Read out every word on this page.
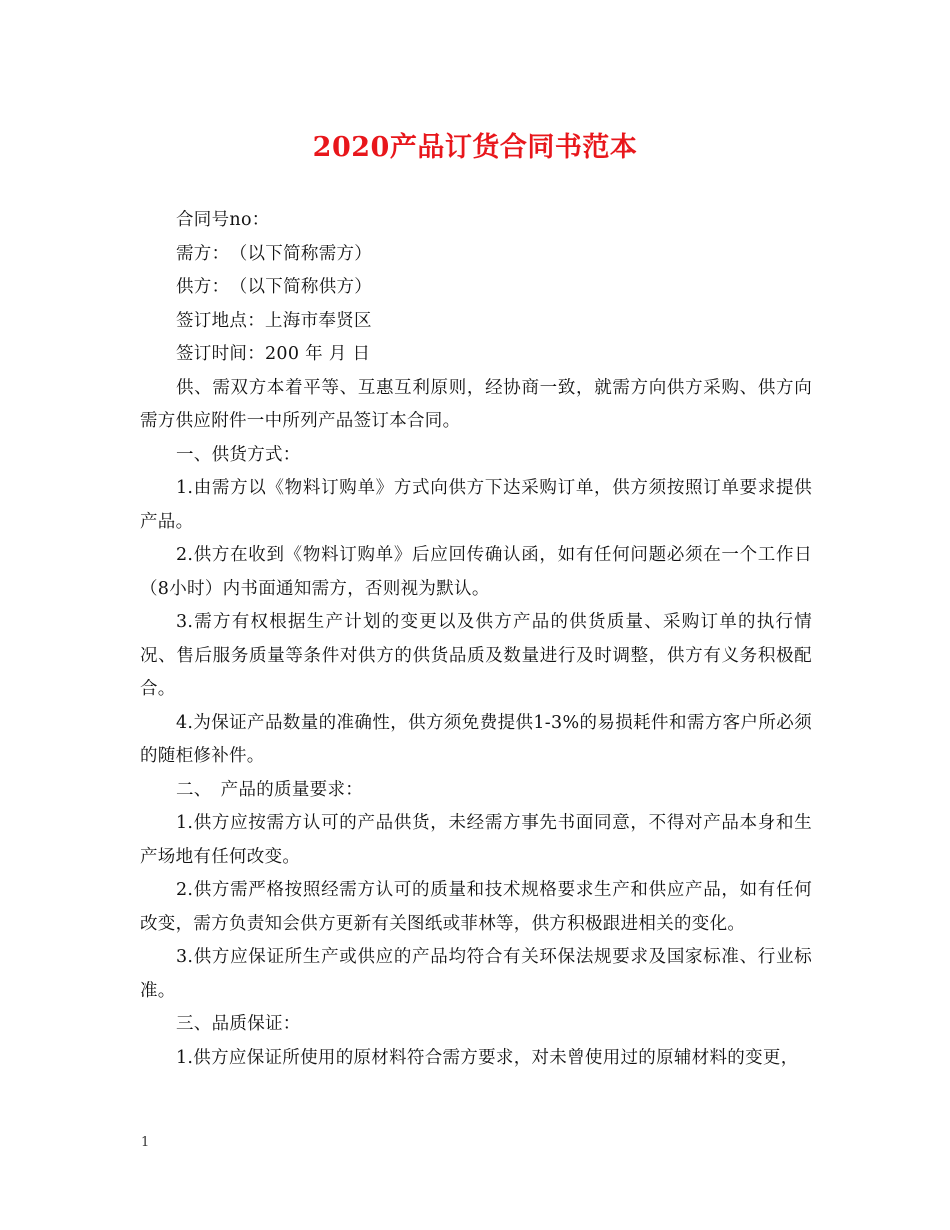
2020产品订货合同书范本

合同号no：

需方：　（以下简称需方）

供方：　（以下简称供方）

签订地点：上海市奉贤区

签订时间：200 年 月 日

供、需双方本着平等、互惠互利原则，经协商一致，就需方向供方采购、供方向需方供应附件一中所列产品签订本合同。

一、供货方式：

1.由需方以《物料订购单》方式向供方下达采购订单，供方须按照订单要求提供产品。

2.供方在收到《物料订购单》后应回传确认函，如有任何问题必须在一个工作日（8小时）内书面通知需方，否则视为默认。

3.需方有权根据生产计划的变更以及供方产品的供货质量、采购订单的执行情况、售后服务质量等条件对供方的供货品质及数量进行及时调整，供方有义务积极配合。

4.为保证产品数量的准确性，供方须免费提供1-3%的易损耗件和需方客户所必须的随柜修补件。

二、　产品的质量要求：

1.供方应按需方认可的产品供货，未经需方事先书面同意，不得对产品本身和生产场地有任何改变。

2.供方需严格按照经需方认可的质量和技术规格要求生产和供应产品，如有任何改变，需方负责知会供方更新有关图纸或菲林等，供方积极跟进相关的变化。

3.供方应保证所生产或供应的产品均符合有关环保法规要求及国家标准、行业标准。

三、品质保证：

1.供方应保证所使用的原材料符合需方要求，对未曾使用过的原辅材料的变更，

1
